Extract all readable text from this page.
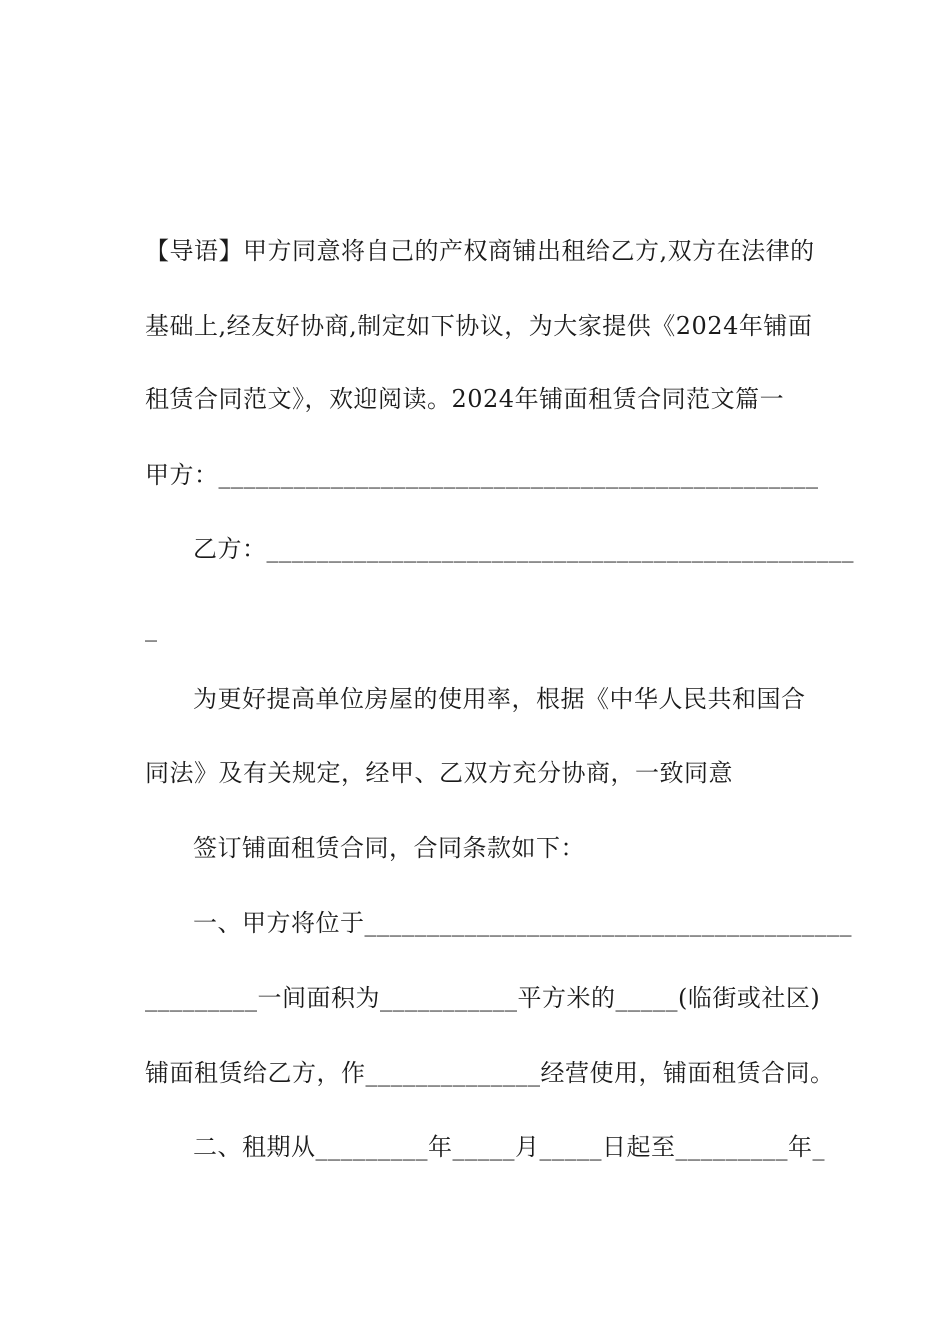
【导语】甲方同意将自己的产权商铺出租给乙方,双方在法律的
基础上,经友好协商,制定如下协议，为大家提供《2024年铺面
租赁合同范文》，欢迎阅读。2024年铺面租赁合同范文篇一
甲方：________________________________________________
乙方：_______________________________________________
_
为更好提高单位房屋的使用率，根据《中华人民共和国合
同法》及有关规定，经甲、乙双方充分协商，一致同意
签订铺面租赁合同，合同条款如下：
一、甲方将位于_______________________________________
_________一间面积为___________平方米的_____(临街或社区)
铺面租赁给乙方，作______________经营使用，铺面租赁合同。
二、租期从_________年_____月_____日起至_________年_
